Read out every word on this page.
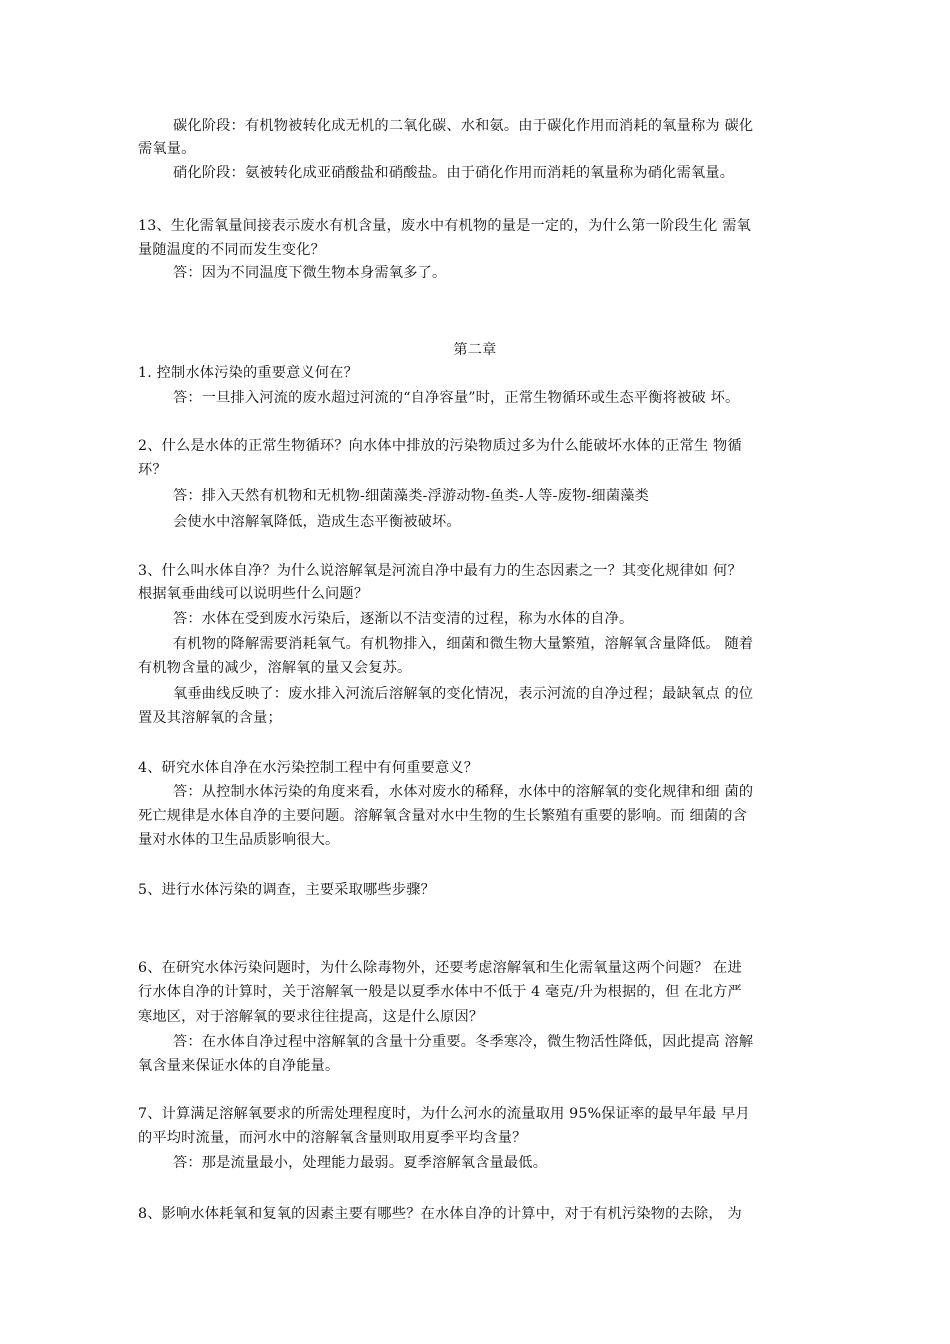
碳化阶段：有机物被转化成无机的二氧化碳、水和氨。由于碳化作用而消耗的氧量称为 碳化
需氧量。
硝化阶段：氨被转化成亚硝酸盐和硝酸盐。由于硝化作用而消耗的氧量称为硝化需氧量。
13、生化需氧量间接表示废水有机含量，废水中有机物的量是一定的，为什么第一阶段生化 需氧
量随温度的不同而发生变化？
答：因为不同温度下微生物本身需氧多了。
第二章
1. 控制水体污染的重要意义何在？
答：一旦排入河流的废水超过河流的“自净容量”时，正常生物循环或生态平衡将被破 坏。
2、什么是水体的正常生物循环？向水体中排放的污染物质过多为什么能破坏水体的正常生 物循
环？
答：排入天然有机物和无机物-细菌藻类-浮游动物-鱼类-人等-废物-细菌藻类
会使水中溶解氧降低，造成生态平衡被破坏。
3、什么叫水体自净？为什么说溶解氧是河流自净中最有力的生态因素之一？其变化规律如 何？
根据氧垂曲线可以说明些什么问题？
答：水体在受到废水污染后，逐渐以不洁变清的过程，称为水体的自净。
有机物的降解需要消耗氧气。有机物排入，细菌和微生物大量繁殖，溶解氧含量降低。 随着
有机物含量的减少，溶解氧的量又会复苏。
氧垂曲线反映了：废水排入河流后溶解氧的变化情况，表示河流的自净过程；最缺氧点 的位
置及其溶解氧的含量；
4、研究水体自净在水污染控制工程中有何重要意义？
答：从控制水体污染的角度来看，水体对废水的稀释，水体中的溶解氧的变化规律和细 菌的
死亡规律是水体自净的主要问题。溶解氧含量对水中生物的生长繁殖有重要的影响。而 细菌的含
量对水体的卫生品质影响很大。
5、进行水体污染的调查，主要采取哪些步骤？
6、在研究水体污染问题时，为什么除毒物外，还要考虑溶解氧和生化需氧量这两个问题？ 在进
行水体自净的计算时，关于溶解氧一般是以夏季水体中不低于 4 毫克/升为根据的，但 在北方严
寒地区，对于溶解氧的要求往往提高，这是什么原因？
答：在水体自净过程中溶解氧的含量十分重要。冬季寒冷，微生物活性降低，因此提高 溶解
氧含量来保证水体的自净能量。
7、计算满足溶解氧要求的所需处理程度时，为什么河水的流量取用 95%保证率的最早年最 早月
的平均时流量，而河水中的溶解氧含量则取用夏季平均含量？
答：那是流量最小，处理能力最弱。夏季溶解氧含量最低。
8、影响水体耗氧和复氧的因素主要有哪些？在水体自净的计算中，对于有机污染物的去除， 为
